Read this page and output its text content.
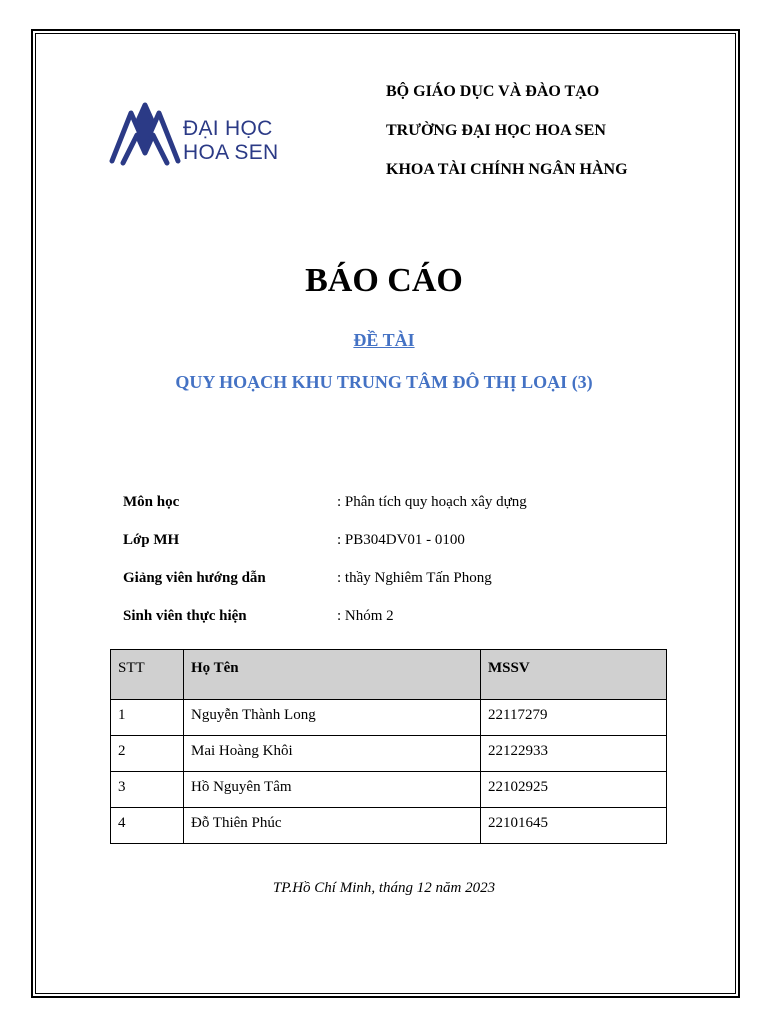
ĐẠI HỌC
HOA SEN
BỘ GIÁO DỤC VÀ ĐÀO TẠO
TRƯỜNG ĐẠI HỌC HOA SEN
KHOA TÀI CHÍNH NGÂN HÀNG
BÁO CÁO
ĐỀ TÀI
QUY HOẠCH KHU TRUNG TÂM ĐÔ THỊ LOẠI (3)
Môn học	: Phân tích quy hoạch xây dựng
Lớp MH	: PB304DV01 - 0100
Giảng viên hướng dẫn	: thầy Nghiêm Tấn Phong
Sinh viên thực hiện	: Nhóm 2
STT	Họ Tên	MSSV
1	Nguyễn Thành Long	22117279
2	Mai Hoàng Khôi	22122933
3	Hồ Nguyên Tâm	22102925
4	Đỗ Thiên Phúc	22101645
TP.Hồ Chí Minh, tháng 12 năm 2023
